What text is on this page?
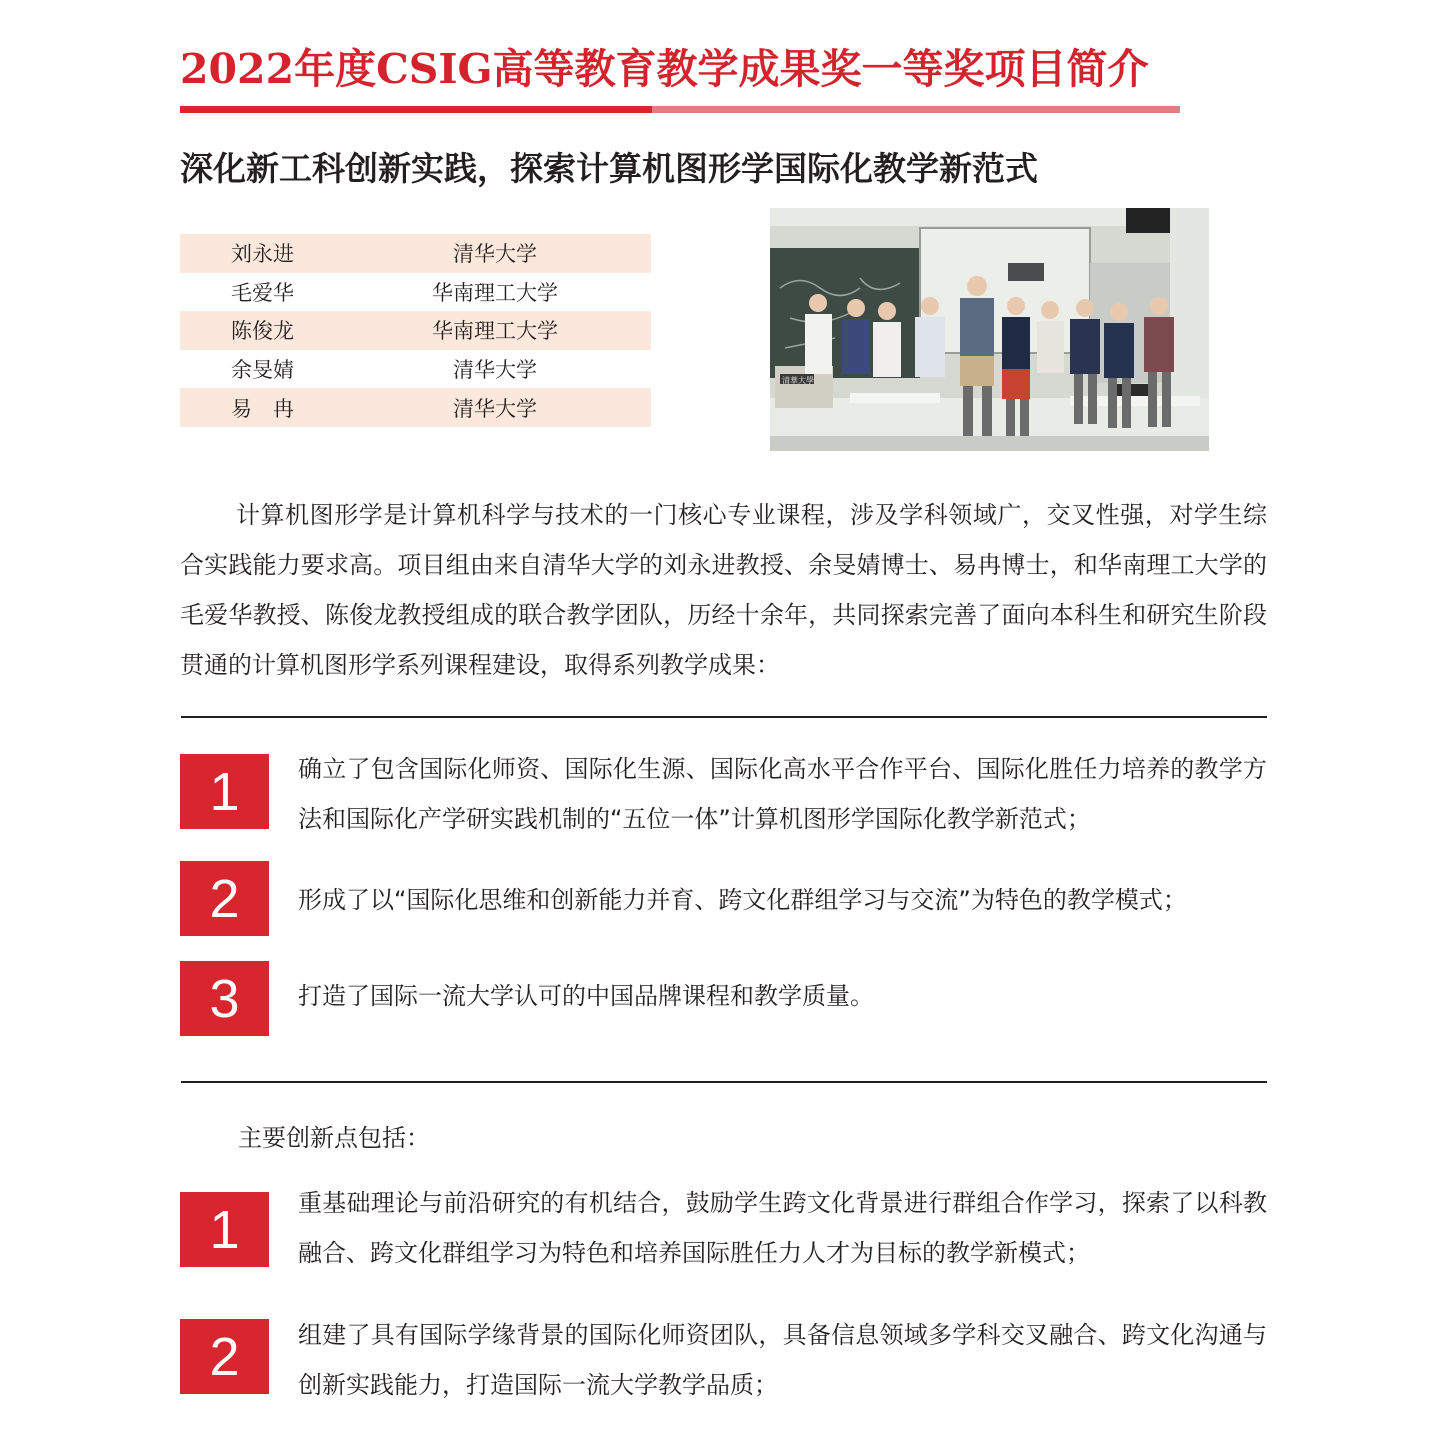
2022年度CSIG高等教育教学成果奖一等奖项目简介
深化新工科创新实践，探索计算机图形学国际化教学新范式
刘永进	清华大学
毛爱华	华南理工大学
陈俊龙	华南理工大学
余旻婧	清华大学
易　冉	清华大学
清華大學

计算机图形学是计算机科学与技术的一门核心专业课程，涉及学科领域广，交叉性强，对学生综合实践能力要求高。项目组由来自清华大学的刘永进教授、余旻婧博士、易冉博士，和华南理工大学的毛爱华教授、陈俊龙教授组成的联合教学团队，历经十余年，共同探索完善了面向本科生和研究生阶段贯通的计算机图形学系列课程建设，取得系列教学成果：

1	确立了包含国际化师资、国际化生源、国际化高水平合作平台、国际化胜任力培养的教学方法和国际化产学研实践机制的“五位一体”计算机图形学国际化教学新范式；

2	形成了以“国际化思维和创新能力并育、跨文化群组学习与交流”为特色的教学模式；

3	打造了国际一流大学认可的中国品牌课程和教学质量。

主要创新点包括：

1	重基础理论与前沿研究的有机结合，鼓励学生跨文化背景进行群组合作学习，探索了以科教融合、跨文化群组学习为特色和培养国际胜任力人才为目标的教学新模式；

2	组建了具有国际学缘背景的国际化师资团队，具备信息领域多学科交叉融合、跨文化沟通与创新实践能力，打造国际一流大学教学品质；
